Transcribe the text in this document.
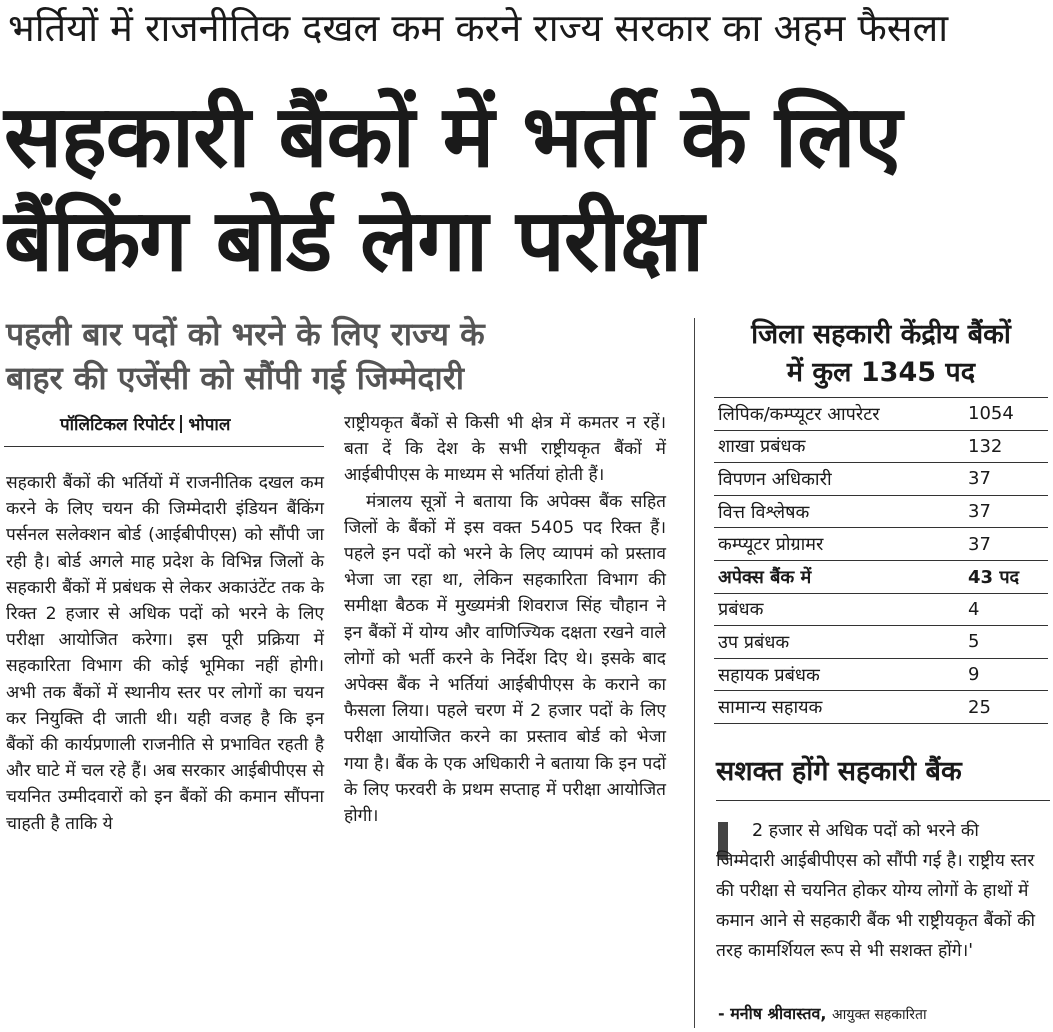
भर्तियों में राजनीतिक दखल कम करने राज्य सरकार का अहम फैसला
सहकारी बैंकों में भर्ती के लिए
बैंकिंग बोर्ड लेगा परीक्षा
पहली बार पदों को भरने के लिए राज्य के
बाहर की एजेंसी को सौंपी गई जिम्मेदारी
पॉलिटिकल रिपोर्टर भोपाल

सहकारी बैंकों की भर्तियों में राजनीतिक दखल कम करने के लिए चयन की जिम्मेदारी इंडियन बैंकिंग पर्सनल सलेक्शन बोर्ड (आईबीपीएस) को सौंपी जा रही है। बोर्ड अगले माह प्रदेश के विभिन्न जिलों के सहकारी बैंकों में प्रबंधक से लेकर अकाउंटेंट तक के रिक्त 2 हजार से अधिक पदों को भरने के लिए परीक्षा आयोजित करेगा। इस पूरी प्रक्रिया में सहकारिता विभाग की कोई भूमिका नहीं होगी। अभी तक बैंकों में स्थानीय स्तर पर लोगों का चयन कर नियुक्ति दी जाती थी। यही वजह है कि इन बैंकों की कार्यप्रणाली राजनीति से प्रभावित रहती है और घाटे में चल रहे हैं। अब सरकार आईबीपीएस से चयनित उम्मीदवारों को इन बैंकों की कमान सौंपना चाहती है ताकि ये

राष्ट्रीयकृत बैंकों से किसी भी क्षेत्र में कमतर न रहें। बता दें कि देश के सभी राष्ट्रीयकृत बैंकों में आईबीपीएस के माध्यम से भर्तियां होती हैं।

मंत्रालय सूत्रों ने बताया कि अपेक्स बैंक सहित जिलों के बैंकों में इस वक्त 5405 पद रिक्त हैं। पहले इन पदों को भरने के लिए व्यापमं को प्रस्ताव भेजा जा रहा था, लेकिन सहकारिता विभाग की समीक्षा बैठक में मुख्यमंत्री शिवराज सिंह चौहान ने इन बैंकों में योग्य और वाणिज्यिक दक्षता रखने वाले लोगों को भर्ती करने के निर्देश दिए थे। इसके बाद अपेक्स बैंक ने भर्तियां आईबीपीएस के कराने का फैसला लिया। पहले चरण में 2 हजार पदों के लिए परीक्षा आयोजित करने का प्रस्ताव बोर्ड को भेजा गया है। बैंक के एक अधिकारी ने बताया कि इन पदों के लिए फरवरी के प्रथम सप्ताह में परीक्षा आयोजित होगी।

जिला सहकारी केंद्रीय बैंकों
में कुल 1345 पद
लिपिक/कम्प्यूटर आपरेटर	1054
शाखा प्रबंधक	132
विपणन अधिकारी	37
वित्त विश्लेषक	37
कम्प्यूटर प्रोग्रामर	37
अपेक्स बैंक में	43 पद
प्रबंधक	4
उप प्रबंधक	5
सहायक प्रबंधक	9
सामान्य सहायक	25
सशक्त होंगे सहकारी बैंक
2 हजार से अधिक पदों को भरने की
जिम्मेदारी आईबीपीएस को सौंपी गई है। राष्ट्रीय स्तर की परीक्षा से चयनित होकर योग्य लोगों के हाथों में कमान आने से सहकारी बैंक भी राष्ट्रीयकृत बैंकों की तरह कामर्शियल रूप से भी सशक्त होंगे।'
- मनीष श्रीवास्तव, आयुक्त सहकारिता
